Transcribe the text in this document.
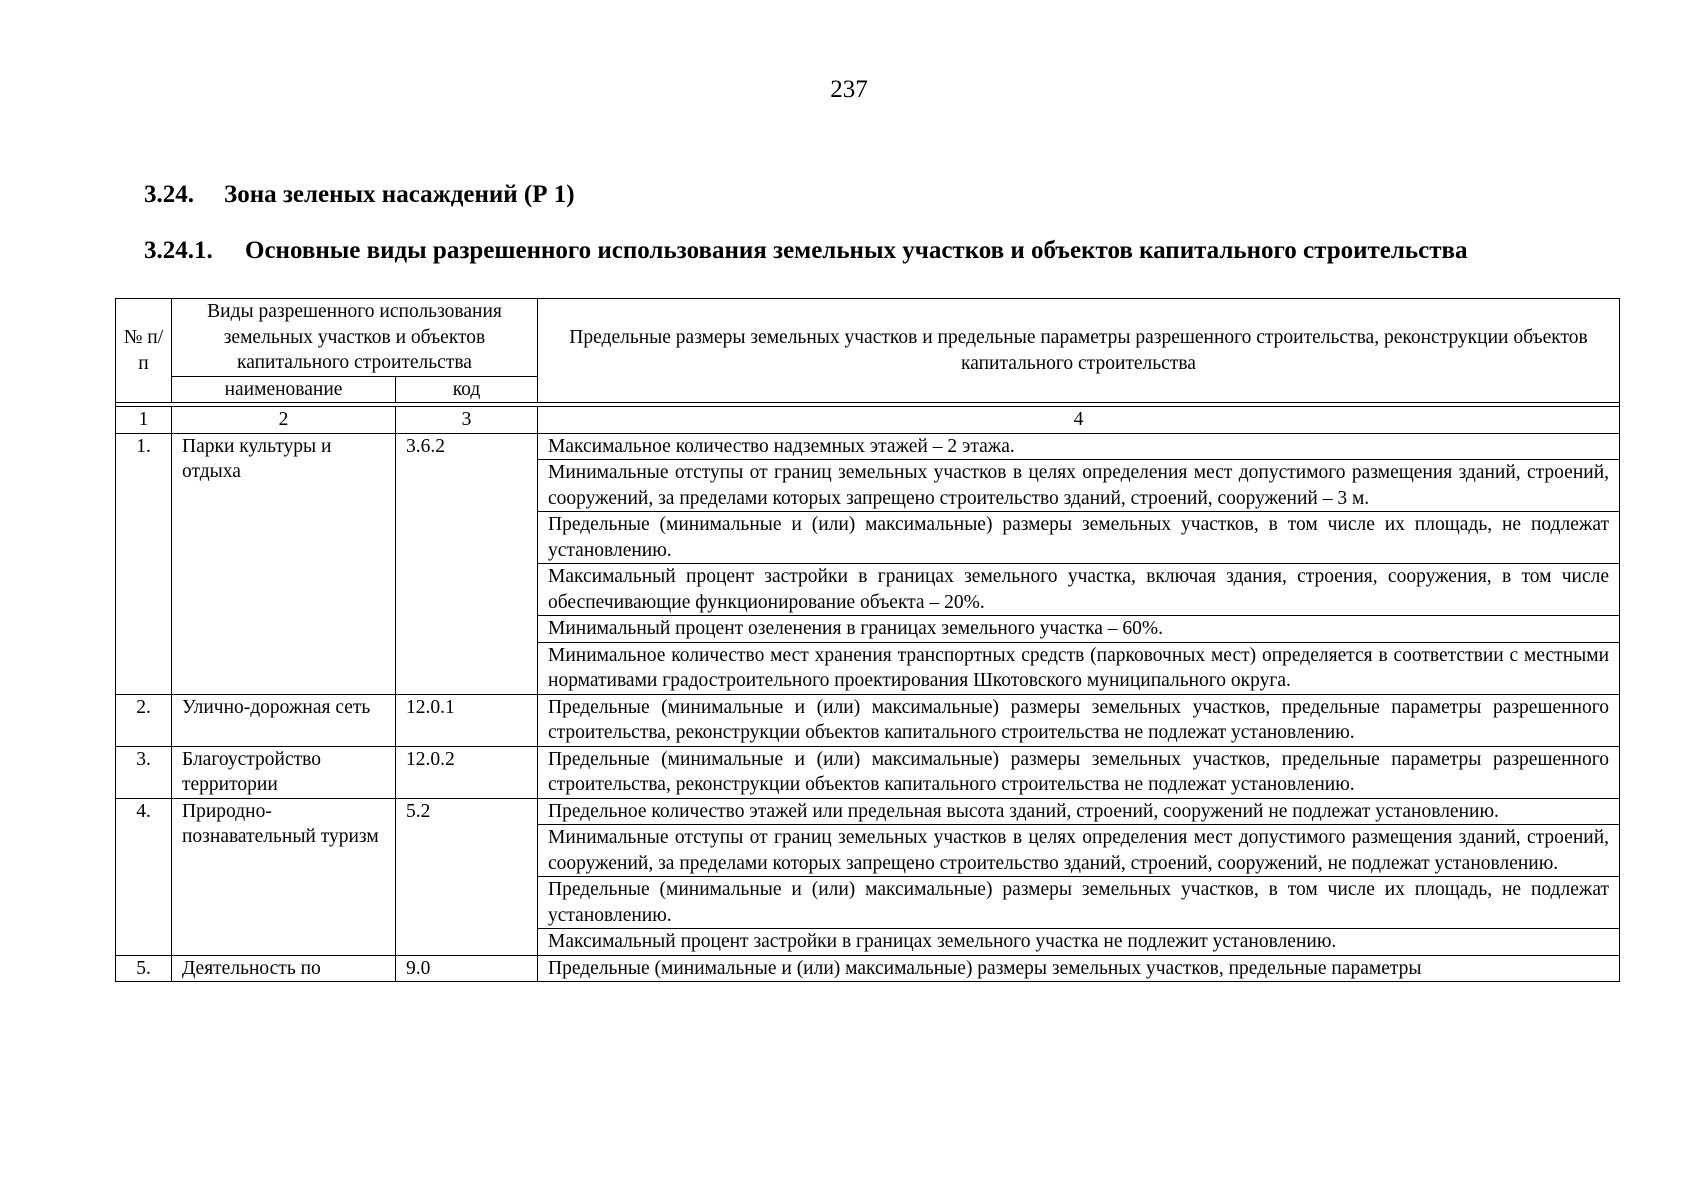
237
3.24. Зона зеленых насаждений (Р 1)
3.24.1. Основные виды разрешенного использования земельных участков и объектов капитального строительства
№ п/п	Виды разрешенного использования земельных участков и объектов капитального строительства		Предельные размеры земельных участков и предельные параметры разрешенного строительства, реконструкции объектов капитального строительства
	наименование	код	

1	2	3	4
1.	Парки культуры и отдыха	3.6.2	Максимальное количество надземных этажей – 2 этажа.
			Минимальные отступы от границ земельных участков в целях определения мест допустимого размещения зданий, строений, сооружений, за пределами которых запрещено строительство зданий, строений, сооружений – 3 м.
			Предельные (минимальные и (или) максимальные) размеры земельных участков, в том числе их площадь, не подлежат установлению.
			Максимальный процент застройки в границах земельного участка, включая здания, строения, сооружения, в том числе обеспечивающие функционирование объекта – 20%.
			Минимальный процент озеленения в границах земельного участка – 60%.
			Минимальное количество мест хранения транспортных средств (парковочных мест) определяется в соответствии с местными нормативами градостроительного проектирования Шкотовского муниципального округа.
2.	Улично-дорожная сеть	12.0.1	Предельные (минимальные и (или) максимальные) размеры земельных участков, предельные параметры разрешенного строительства, реконструкции объектов капитального строительства не подлежат установлению.
3.	Благоустройство территории	12.0.2	Предельные (минимальные и (или) максимальные) размеры земельных участков, предельные параметры разрешенного строительства, реконструкции объектов капитального строительства не подлежат установлению.
4.	Природно-познавательный туризм	5.2	Предельное количество этажей или предельная высота зданий, строений, сооружений не подлежат установлению.
			Минимальные отступы от границ земельных участков в целях определения мест допустимого размещения зданий, строений, сооружений, за пределами которых запрещено строительство зданий, строений, сооружений, не подлежат установлению.
			Предельные (минимальные и (или) максимальные) размеры земельных участков, в том числе их площадь, не подлежат установлению.
			Максимальный процент застройки в границах земельного участка не подлежит установлению.
5.	Деятельность по	9.0	Предельные (минимальные и (или) максимальные) размеры земельных участков, предельные параметры
